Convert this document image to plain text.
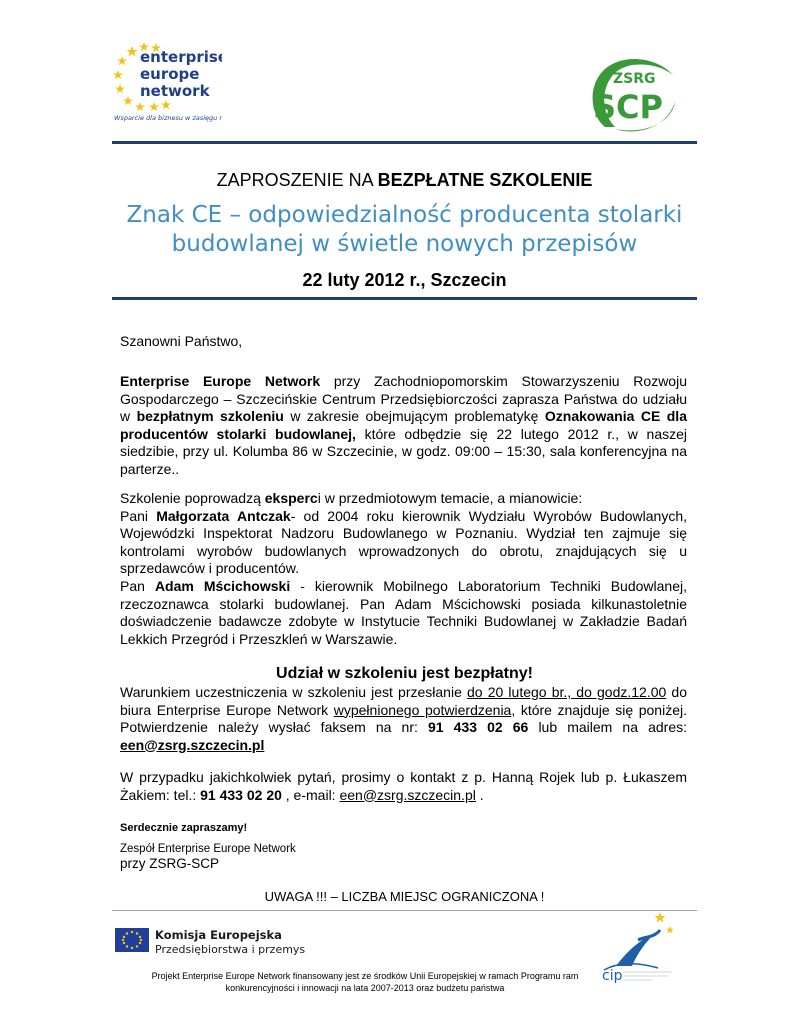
enterprise
europe
network
Wsparcie dla biznesu w zasięgu ręki
ZSRG
SCP
ZAPROSZENIE NA BEZPŁATNE SZKOLENIE
Znak CE – odpowiedzialność producenta stolarki
budowlanej w świetle nowych przepisów
22 luty 2012 r., Szczecin
Szanowni Państwo,
Enterprise Europe Network przy Zachodniopomorskim Stowarzyszeniu Rozwoju Gospodarczego – Szczecińskie Centrum Przedsiębiorczości zaprasza Państwa do udziału w bezpłatnym szkoleniu w zakresie obejmującym problematykę Oznakowania CE dla producentów stolarki budowlanej, które odbędzie się 22 lutego 2012 r., w naszej siedzibie, przy ul. Kolumba 86 w Szczecinie, w godz. 09:00 – 15:30, sala konferencyjna na parterze..
Szkolenie poprowadzą eksperci w przedmiotowym temacie, a mianowicie:
Pani Małgorzata Antczak- od 2004 roku kierownik Wydziału Wyrobów Budowlanych, Wojewódzki Inspektorat Nadzoru Budowlanego w Poznaniu. Wydział ten zajmuje się kontrolami wyrobów budowlanych wprowadzonych do obrotu, znajdujących się u sprzedawców i producentów.
Pan Adam Mścichowski - kierownik Mobilnego Laboratorium Techniki Budowlanej, rzeczoznawca stolarki budowlanej. Pan Adam Mścichowski posiada kilkunastoletnie doświadczenie badawcze zdobyte w Instytucie Techniki Budowlanej w Zakładzie Badań Lekkich Przegród i Przeszkleń w Warszawie.
Udział w szkoleniu jest bezpłatny!
Warunkiem uczestniczenia w szkoleniu jest przesłanie do 20 lutego br., do godz.12.00 do biura Enterprise Europe Network wypełnionego potwierdzenia, które znajduje się poniżej. Potwierdzenie należy wysłać faksem na nr: 91 433 02 66 lub mailem na adres: een@zsrg.szczecin.pl
W przypadku jakichkolwiek pytań, prosimy o kontakt z p. Hanną Rojek lub p. Łukaszem Żakiem: tel.: 91 433 02 20 , e-mail: een@zsrg.szczecin.pl .
Serdecznie zapraszamy!
Zespół Enterprise Europe Network
przy ZSRG-SCP
UWAGA !!! – LICZBA MIEJSC OGRANICZONA !
Komisja Europejska
Przedsiębiorstwa i przemysł
cip
Projekt Enterprise Europe Network finansowany jest ze środków Unii Europejskiej w ramach Programu ram
konkurencyjności i innowacji na lata 2007-2013 oraz budżetu państwa
